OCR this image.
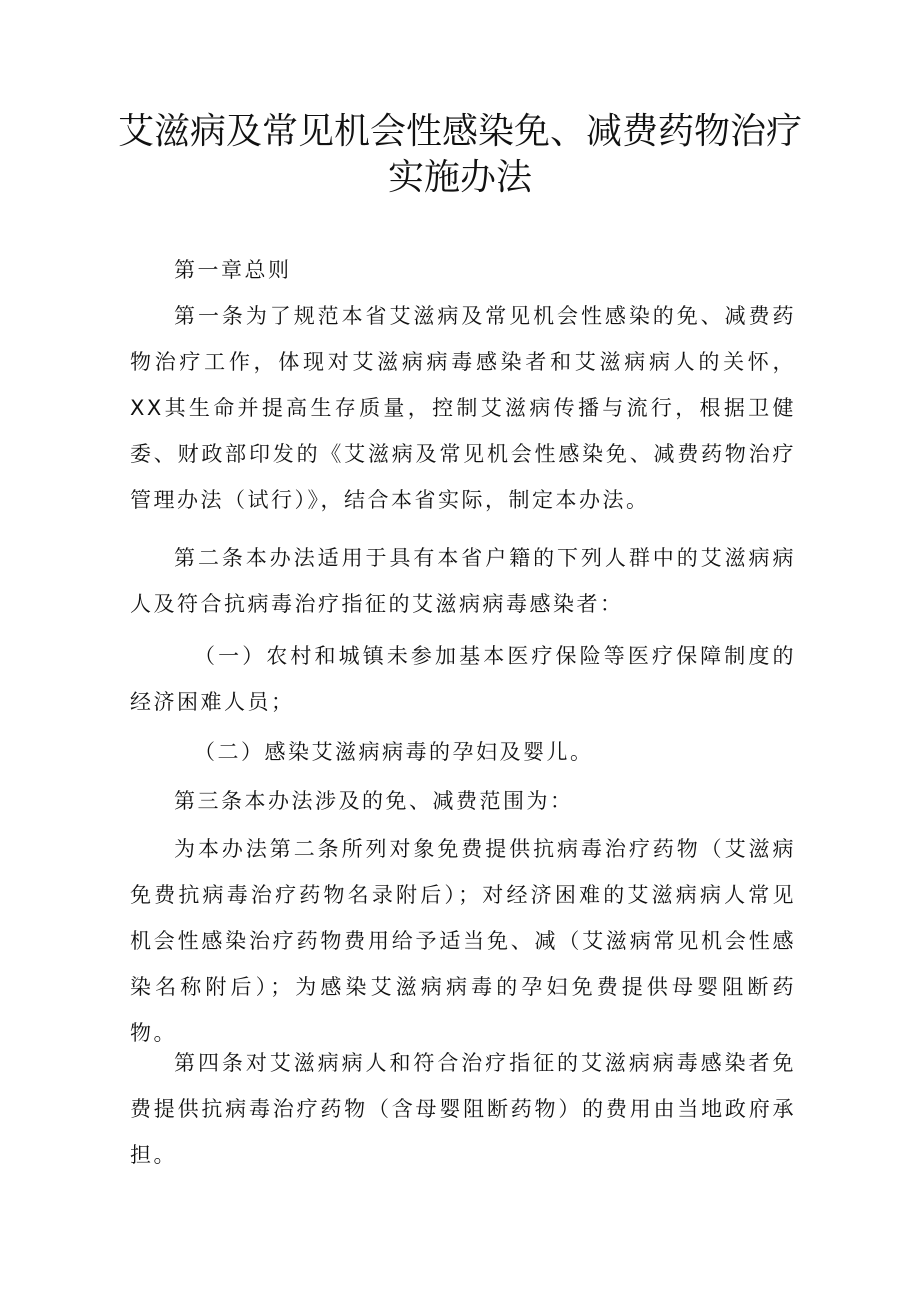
艾滋病及常见机会性感染免、减费药物治疗
实施办法

第一章总则

第一条为了规范本省艾滋病及常见机会性感染的免、减费药物治疗工作，体现对艾滋病病毒感染者和艾滋病病人的关怀，XX其生命并提高生存质量，控制艾滋病传播与流行，根据卫健委、财政部印发的《艾滋病及常见机会性感染免、减费药物治疗管理办法（试行）》，结合本省实际，制定本办法。

第二条本办法适用于具有本省户籍的下列人群中的艾滋病病人及符合抗病毒治疗指征的艾滋病病毒感染者：

（一）农村和城镇未参加基本医疗保险等医疗保障制度的经济困难人员；

（二）感染艾滋病病毒的孕妇及婴儿。

第三条本办法涉及的免、减费范围为：

为本办法第二条所列对象免费提供抗病毒治疗药物（艾滋病免费抗病毒治疗药物名录附后）；对经济困难的艾滋病病人常见机会性感染治疗药物费用给予适当免、减（艾滋病常见机会性感染名称附后）；为感染艾滋病病毒的孕妇免费提供母婴阻断药物。

第四条对艾滋病病人和符合治疗指征的艾滋病病毒感染者免费提供抗病毒治疗药物（含母婴阻断药物）的费用由当地政府承担。
